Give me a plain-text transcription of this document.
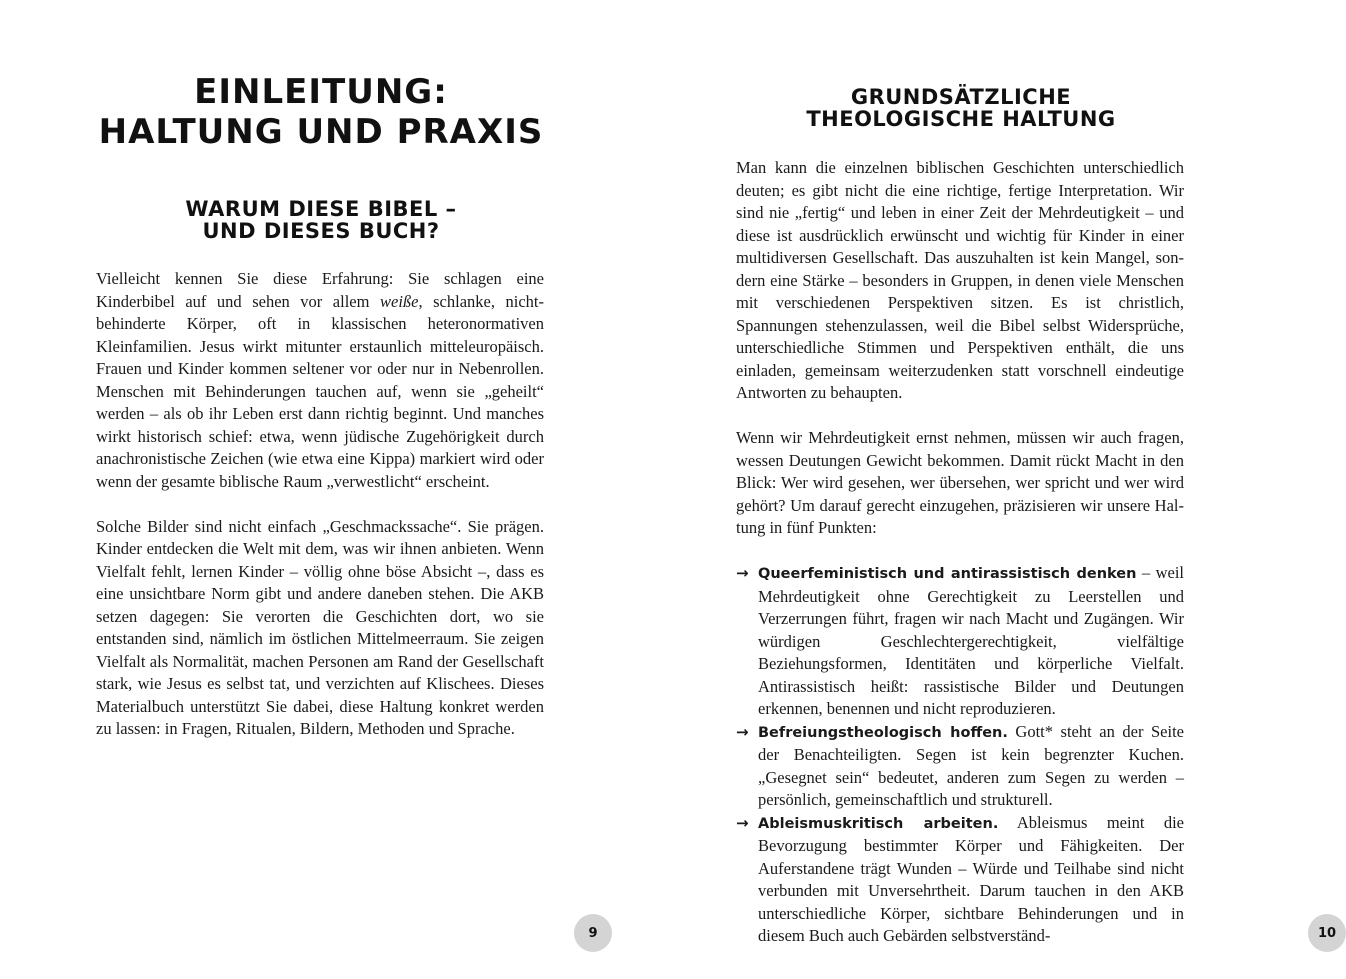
EINLEITUNG:
HALTUNG UND PRAXIS
WARUM DIESE BIBEL –
UND DIESES BUCH?

Vielleicht kennen Sie diese Erfahrung: Sie schlagen eine Kinderbibel auf und sehen vor allem weiße, schlanke, nicht-behinderte Körper, oft in klassischen heteronormativen Kleinfamilien. Jesus wirkt mitunter erstaunlich mitteleuropäisch. Frauen und Kinder kommen seltener vor oder nur in Nebenrollen. Menschen mit Behinderungen tauchen auf, wenn sie „geheilt“ werden – als ob ihr Leben erst dann richtig beginnt. Und manches wirkt historisch schief: etwa, wenn jüdische Zugehörigkeit durch anachronistische Zeichen (wie etwa eine Kippa) markiert wird oder wenn der gesamte biblische Raum „verwestlicht“ erscheint.

Solche Bilder sind nicht einfach „Geschmackssache“. Sie prägen. Kinder entdecken die Welt mit dem, was wir ihnen anbieten. Wenn Vielfalt fehlt, lernen Kinder – völlig ohne böse Absicht –, dass es eine unsichtbare Norm gibt und andere daneben stehen. Die AKB setzen dagegen: Sie verorten die Geschichten dort, wo sie entstanden sind, nämlich im östlichen Mittelmeerraum. Sie zeigen Vielfalt als Normalität, machen Personen am Rand der Gesellschaft stark, wie Jesus es selbst tat, und verzichten auf Klischees. Dieses Materialbuch unterstützt Sie dabei, diese Haltung konkret werden zu lassen: in Fragen, Ritualen, Bildern, Methoden und Sprache.

9
GRUNDSÄTZLICHE
THEOLOGISCHE HALTUNG

Man kann die einzelnen biblischen Geschichten unterschiedlich deuten; es gibt nicht die eine richtige, fertige Interpretation. Wir sind nie „fertig“ und leben in einer Zeit der Mehrdeutigkeit – und diese ist ausdrücklich erwünscht und wichtig für Kinder in einer multidiversen Gesellschaft. Das auszuhalten ist kein Mangel, sondern eine Stärke – besonders in Gruppen, in denen viele Menschen mit verschiedenen Perspektiven sitzen. Es ist christlich, Spannungen stehenzulassen, weil die Bibel selbst Widersprüche, unterschiedliche Stimmen und Perspektiven enthält, die uns einladen, gemeinsam weiterzudenken statt vorschnell eindeutige Antworten zu behaupten.

Wenn wir Mehrdeutigkeit ernst nehmen, müssen wir auch fragen, wessen Deutungen Gewicht bekommen. Damit rückt Macht in den Blick: Wer wird gesehen, wer übersehen, wer spricht und wer wird gehört? Um darauf gerecht einzugehen, präzisieren wir unsere Haltung in fünf Punkten:

→ Queerfeministisch und antirassistisch denken – weil Mehrdeutigkeit ohne Gerechtigkeit zu Leerstellen und Verzerrungen führt, fragen wir nach Macht und Zugängen. Wir würdigen Geschlechtergerechtigkeit, vielfältige Beziehungsformen, Identitäten und körperliche Vielfalt. Antirassistisch heißt: rassistische Bilder und Deutungen erkennen, benennen und nicht reproduzieren.
→ Befreiungstheologisch hoffen. Gott* steht an der Seite der Benachteiligten. Segen ist kein begrenzter Kuchen. „Gesegnet sein“ bedeutet, anderen zum Segen zu werden – persönlich, gemeinschaftlich und strukturell.
→ Ableismuskritisch arbeiten. Ableismus meint die Bevorzugung bestimmter Körper und Fähigkeiten. Der Auferstandene trägt Wunden – Würde und Teilhabe sind nicht verbunden mit Unversehrtheit. Darum tauchen in den AKB unterschiedliche Körper, sichtbare Behinderungen und in diesem Buch auch Gebärden selbstverständ-	10
